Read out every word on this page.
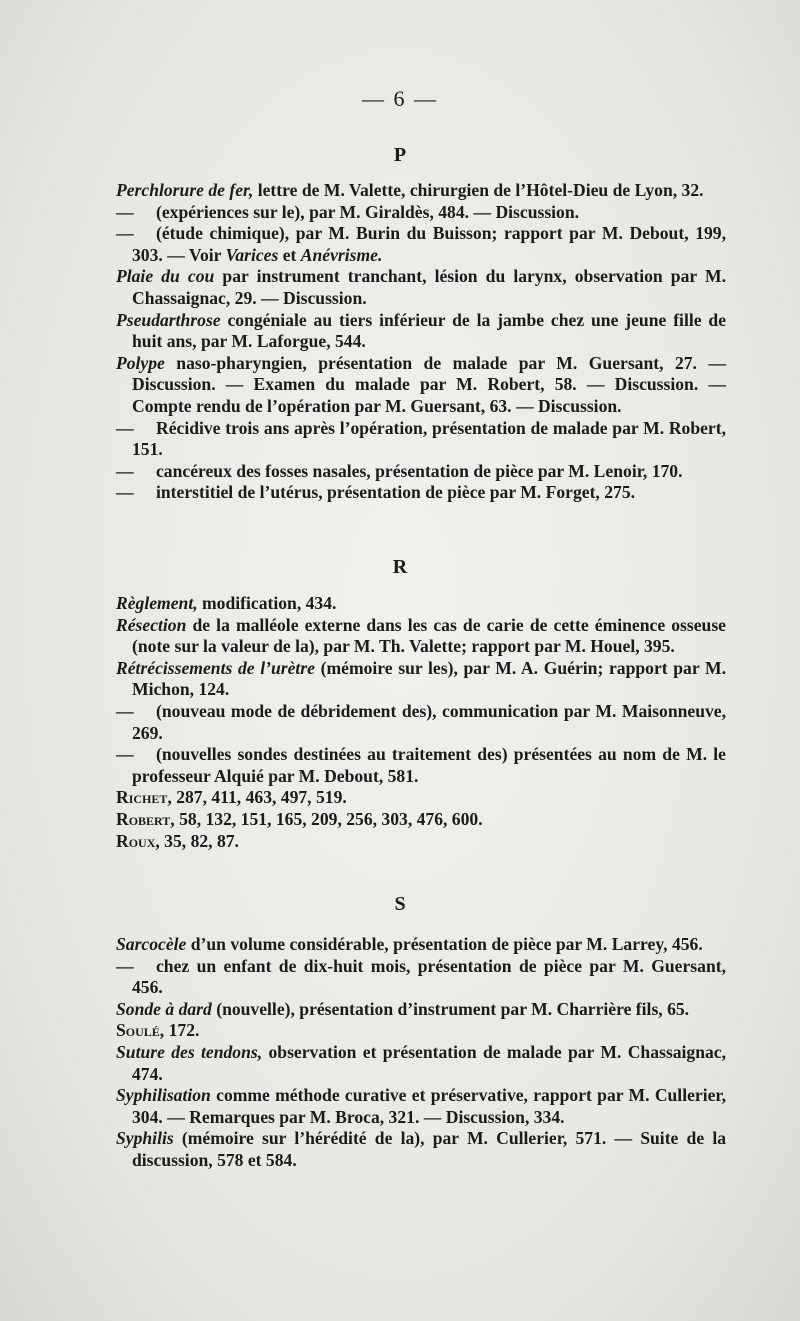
— 6 —
P

Perchlorure de fer, lettre de M. Valette, chirurgien de l’Hôtel-Dieu de Lyon, 32.

— (expériences sur le), par M. Giraldès, 484. — Discussion.

— (étude chimique), par M. Burin du Buisson; rapport par M. Debout, 199, 303. — Voir Varices et Anévrisme.

Plaie du cou par instrument tranchant, lésion du larynx, observation par M. Chassaignac, 29. — Discussion.

Pseudarthrose congéniale au tiers inférieur de la jambe chez une jeune fille de huit ans, par M. Laforgue, 544.

Polype naso-pharyngien, présentation de malade par M. Guersant, 27. — Discussion. — Examen du malade par M. Robert, 58. — Discussion. — Compte rendu de l’opération par M. Guersant, 63. — Discussion.

— Récidive trois ans après l’opération, présentation de malade par M. Robert, 151.

— cancéreux des fosses nasales, présentation de pièce par M. Lenoir, 170.

— interstitiel de l’utérus, présentation de pièce par M. Forget, 275.

R

Règlement, modification, 434.

Résection de la malléole externe dans les cas de carie de cette éminence osseuse (note sur la valeur de la), par M. Th. Valette; rapport par M. Houel, 395.

Rétrécissements de l’urètre (mémoire sur les), par M. A. Guérin; rapport par M. Michon, 124.

— (nouveau mode de débridement des), communication par M. Maisonneuve, 269.

— (nouvelles sondes destinées au traitement des) présentées au nom de M. le professeur Alquié par M. Debout, 581.

Richet, 287, 411, 463, 497, 519.

Robert, 58, 132, 151, 165, 209, 256, 303, 476, 600.

Roux, 35, 82, 87.

S

Sarcocèle d’un volume considérable, présentation de pièce par M. Larrey, 456.

— chez un enfant de dix-huit mois, présentation de pièce par M. Guersant, 456.

Sonde à dard (nouvelle), présentation d’instrument par M. Charrière fils, 65.

Soulé, 172.

Suture des tendons, observation et présentation de malade par M. Chassaignac, 474.

Syphilisation comme méthode curative et préservative, rapport par M. Cullerier, 304. — Remarques par M. Broca, 321. — Discussion, 334.

Syphilis (mémoire sur l’hérédité de la), par M. Cullerier, 571. — Suite de la discussion, 578 et 584.
